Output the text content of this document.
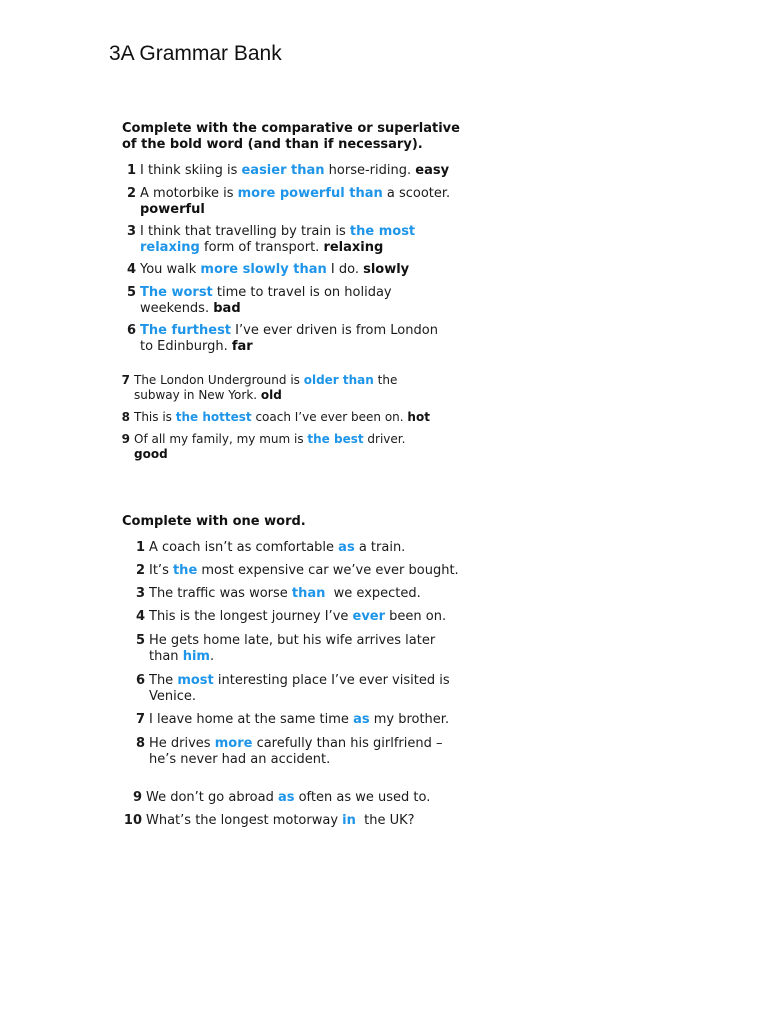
3A Grammar Bank
Complete with the comparative or superlative
of the bold word (and than if necessary).
1 I think skiing is easier than horse-riding. easy
2 A motorbike is more powerful than a scooter.
powerful
3 I think that travelling by train is the most
relaxing form of transport. relaxing
4 You walk more slowly than I do. slowly
5 The worst time to travel is on holiday
weekends. bad
6 The furthest I’ve ever driven is from London
to Edinburgh. far
7 The London Underground is older than the
subway in New York. old
8 This is the hottest coach I’ve ever been on. hot
9 Of all my family, my mum is the best driver.
good
Complete with one word.
1 A coach isn’t as comfortable as a train.
2 It’s the most expensive car we’ve ever bought.
3 The traffic was worse than  we expected.
4 This is the longest journey I’ve ever been on.
5 He gets home late, but his wife arrives later
than him.
6 The most interesting place I’ve ever visited is
Venice.
7 I leave home at the same time as my brother.
8 He drives more carefully than his girlfriend –
he’s never had an accident.
9 We don’t go abroad as often as we used to.
10 What’s the longest motorway in  the UK?
